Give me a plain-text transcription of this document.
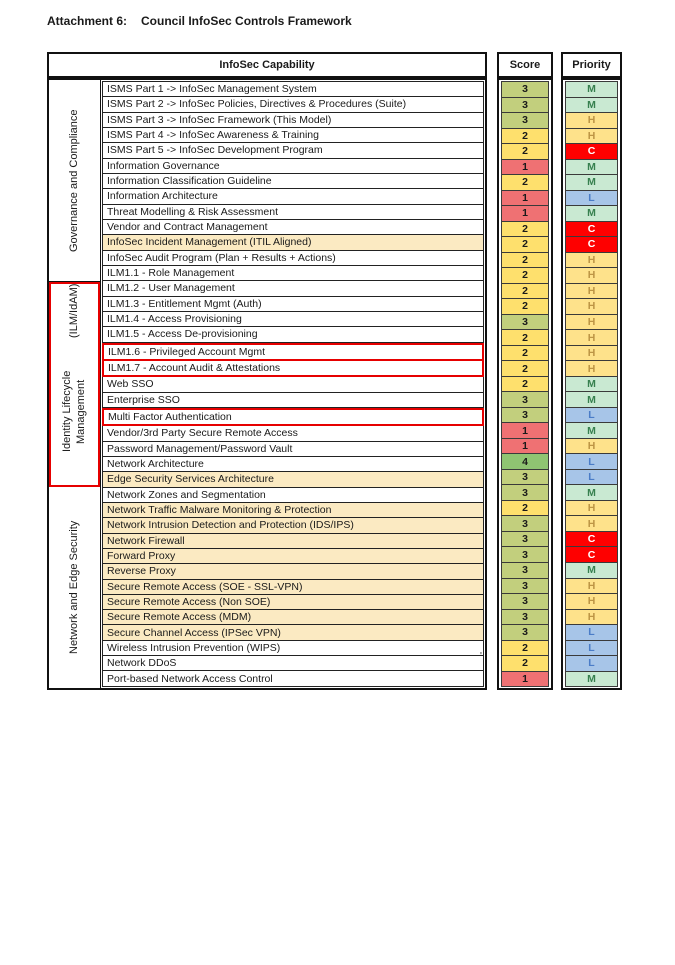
Attachment 6: Council InfoSec Controls Framework
InfoSec Capability	Score	Priority
Governance and Compliance
Identity Lifecycle Management
(ILM/IdAM)
Network and Edge Security
ISMS Part 1 -> InfoSec Management System
ISMS Part 2 -> InfoSec Policies, Directives & Procedures (Suite)
ISMS Part 3 -> InfoSec Framework (This Model)
ISMS Part 4 -> InfoSec Awareness & Training
ISMS Part 5 -> InfoSec Development Program
Information Governance
Information Classification Guideline
Information Architecture
Threat Modelling & Risk Assessment
Vendor and Contract Management
InfoSec Incident Management (ITIL Aligned)
InfoSec Audit Program (Plan + Results + Actions)
ILM1.1 - Role Management
ILM1.2 - User Management
ILM1.3 - Entitlement Mgmt (Auth)
ILM1.4 - Access Provisioning
ILM1.5 - Access De-provisioning
ILM1.6 - Privileged Account Mgmt
ILM1.7 - Account Audit & Attestations
Web SSO
Enterprise SSO
Multi Factor Authentication
Vendor/3rd Party Secure Remote Access
Password Management/Password Vault
Network Architecture
Edge Security Services Architecture
Network Zones and Segmentation
Network Traffic Malware Monitoring & Protection
Network Intrusion Detection and Protection (IDS/IPS)
Network Firewall
Forward Proxy
Reverse Proxy
Secure Remote Access (SOE - SSL-VPN)
Secure Remote Access (Non SOE)
Secure Remote Access (MDM)
Secure Channel Access (IPSec VPN)
Wireless Intrusion Prevention (WIPS)
Network DDoS
Port-based Network Access Control
3
3
3
2
2
1
2
1
1
2
2
2
2
2
2
3
2
2
2
2
3
3
1
1
4
3
3
2
3
3
3
3
3
3
3
3
2
2
1
M
M
H
H
C
M
M
L
M
C
C
H
H
H
H
H
H
H
H
M
M
L
M
H
L
L
M
H
H
C
C
M
H
H
H
L
L
L
M
'
